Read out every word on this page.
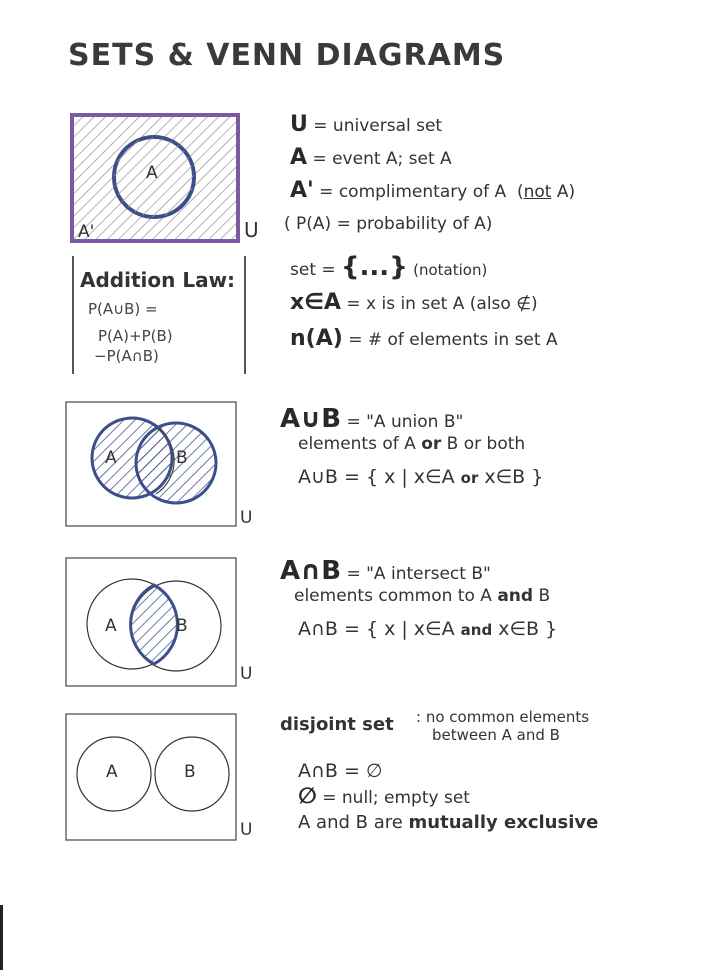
SETS & VENN DIAGRAMS
A
A'	U
U = universal set
A = event A; set A
A' = complimentary of A (not A)
( P(A) = probability of A)
set = {...} (notation)
x∈A = x is in set A (also ∉)
n(A) = # of elements in set A
Addition Law:
P(A∪B) =
P(A)+P(B)
−P(A∩B)
A	B
U
A∪B = "A union B"
elements of A or B or both
A∪B = { x | x∈A or x∈B }
A	B
U
A∩B = "A intersect B"
elements common to A and B
A∩B = { x | x∈A and x∈B }
A	B
U
disjoint set : no common elements
between A and B
A∩B = ∅
∅ = null; empty set
A and B are mutually exclusive
